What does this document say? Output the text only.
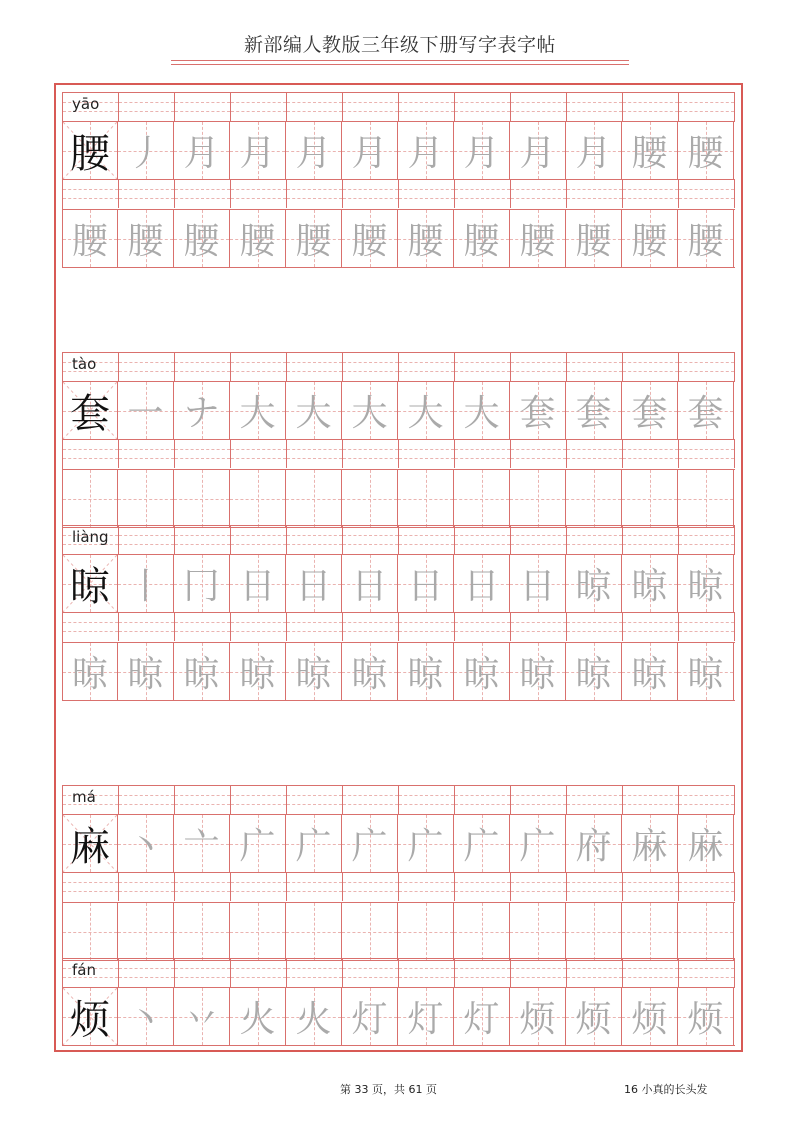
新部编人教版三年级下册写字表字帖
yāo
腰 丿 月 月 月 月 月 月 月 月 腰 腰
腰 腰 腰 腰 腰 腰 腰 腰 腰 腰 腰 腰
tào
套 一 ナ 大 大 大 大 大 套 套 套 套
liàng
晾 丨 冂 日 日 日 日 日 日 晾 晾 晾
晾 晾 晾 晾 晾 晾 晾 晾 晾 晾 晾 晾
má
麻 丶 亠 广 广 广 广 广 广 府 麻 麻
fán
烦 丶 丷 火 火 灯 灯 灯 烦 烦 烦 烦
第 33 页，共 61 页	16 小真的长头发
